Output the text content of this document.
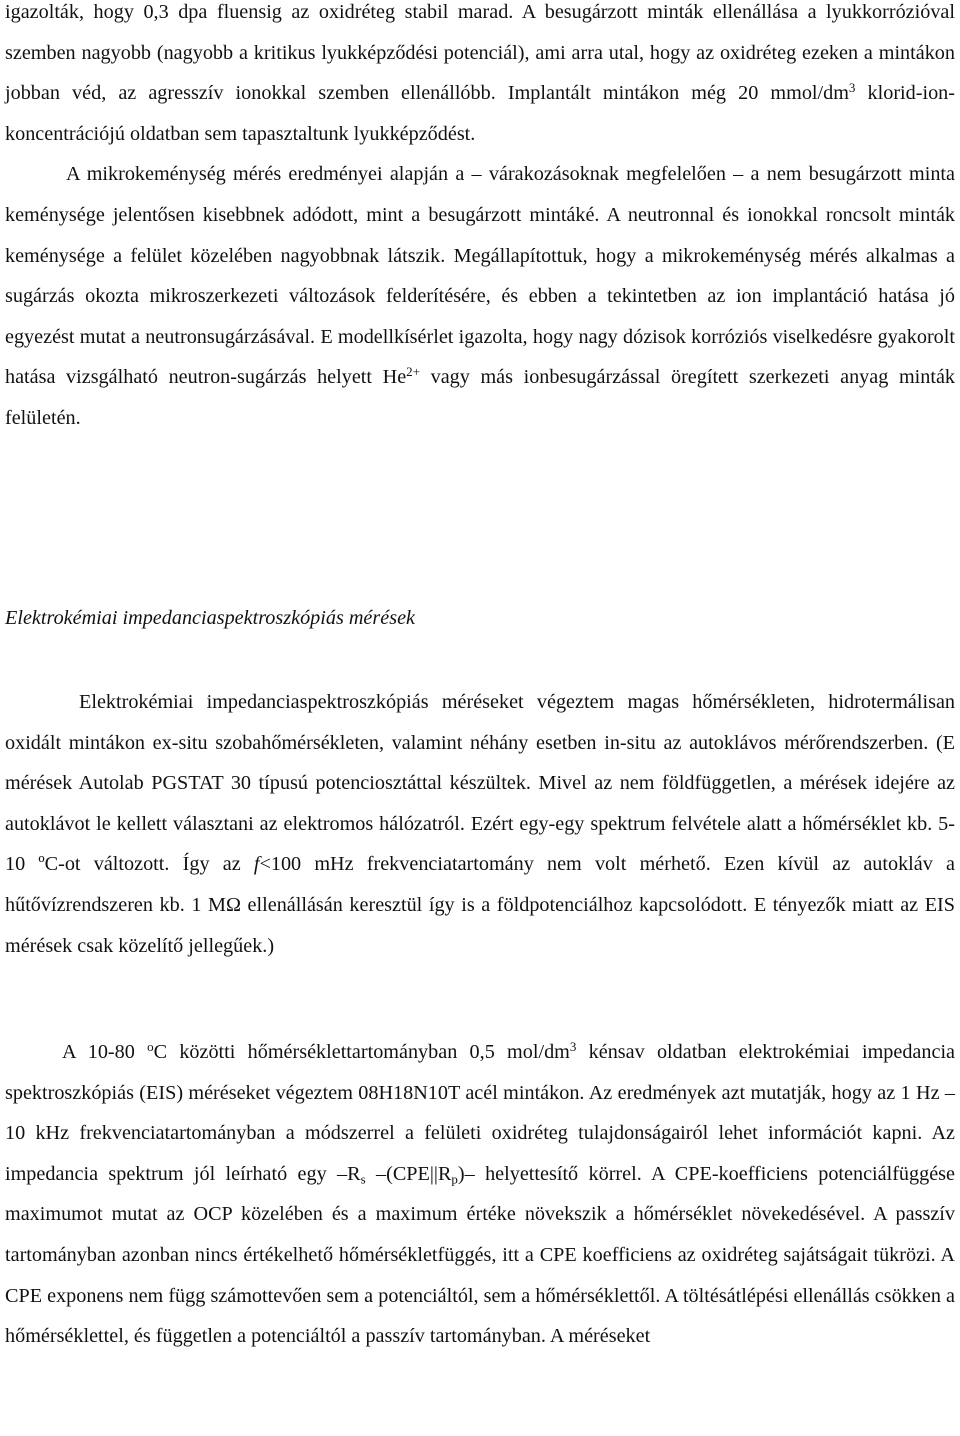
igazolták, hogy 0,3 dpa fluensig az oxidréteg stabil marad. A besugárzott minták ellenállása a lyukkorrózióval szemben nagyobb (nagyobb a kritikus lyukképződési potenciál), ami arra utal, hogy az oxidréteg ezeken a mintákon jobban véd, az agresszív ionokkal szemben ellenállóbb. Implantált mintákon még 20 mmol/$dm^3$ klorid-ion-koncentrációjú oldatban sem tapasztaltunk lyukképződést.

A mikrokeménység mérés eredményei alapján a – várakozásoknak megfelelően – a nem besugárzott minta keménysége jelentősen kisebbnek adódott, mint a besugárzott mintáké. A neutronnal és ionokkal roncsolt minták keménysége a felület közelében nagyobbnak látszik. Megállapítottuk, hogy a mikrokeménység mérés alkalmas a sugárzás okozta mikroszerkezeti változások felderítésére, és ebben a tekintetben az ion implantáció hatása jó egyezést mutat a neutronsugárzásával. E modellkísérlet igazolta, hogy nagy dózisok korróziós viselkedésre gyakorolt hatása vizsgálható neutron-sugárzás helyett $He^{2+}$ vagy más ionbesugárzással öregített szerkezeti anyag minták felületén.

Elektrokémiai impedanciaspektroszkópiás mérések

Elektrokémiai impedanciaspektroszkópiás méréseket végeztem magas hőmérsékleten, hidrotermálisan oxidált mintákon ex-situ szobahőmérsékleten, valamint néhány esetben in-situ az autoklávos mérőrendszerben. (E mérések Autolab PGSTAT 30 típusú potenciosztáttal készültek. Mivel az nem földfüggetlen, a mérések idejére az autoklávot le kellett választani az elektromos hálózatról. Ezért egy-egy spektrum felvétele alatt a hőmérséklet kb. 5-10 ºC-ot változott. Így az f<100 mHz frekvenciatartomány nem volt mérhető. Ezen kívül az autokláv a hűtővízrendszeren kb. 1 MΩ ellenállásán keresztül így is a földpotenciálhoz kapcsolódott. E tényezők miatt az EIS mérések csak közelítő jellegűek.)

A 10-80 $^o$C közötti hőmérséklettartományban 0,5 mol/$dm^3$ kénsav oldatban elektrokémiai impedancia spektroszkópiás (EIS) méréseket végeztem 08H18N10T acél mintákon. Az eredmények azt mutatják, hogy az 1 Hz – 10 kHz frekvenciatartományban a módszerrel a felületi oxidréteg tulajdonságairól lehet információt kapni. Az impedancia spektrum jól leírható egy $-R_s$ $-(CPE||R_p)-$ helyettesítő körrel. A CPE-koefficiens potenciálfüggése maximumot mutat az OCP közelében és a maximum értéke növekszik a hőmérséklet növekedésével. A passzív tartományban azonban nincs értékelhető hőmérsékletfüggés, itt a CPE koefficiens az oxidréteg sajátságait tükrözi. A CPE exponens nem függ számottevően sem a potenciáltól, sem a hőmérséklettől. A töltésátlépési ellenállás csökken a hőmérséklettel, és független a potenciáltól a passzív tartományban. A méréseket
